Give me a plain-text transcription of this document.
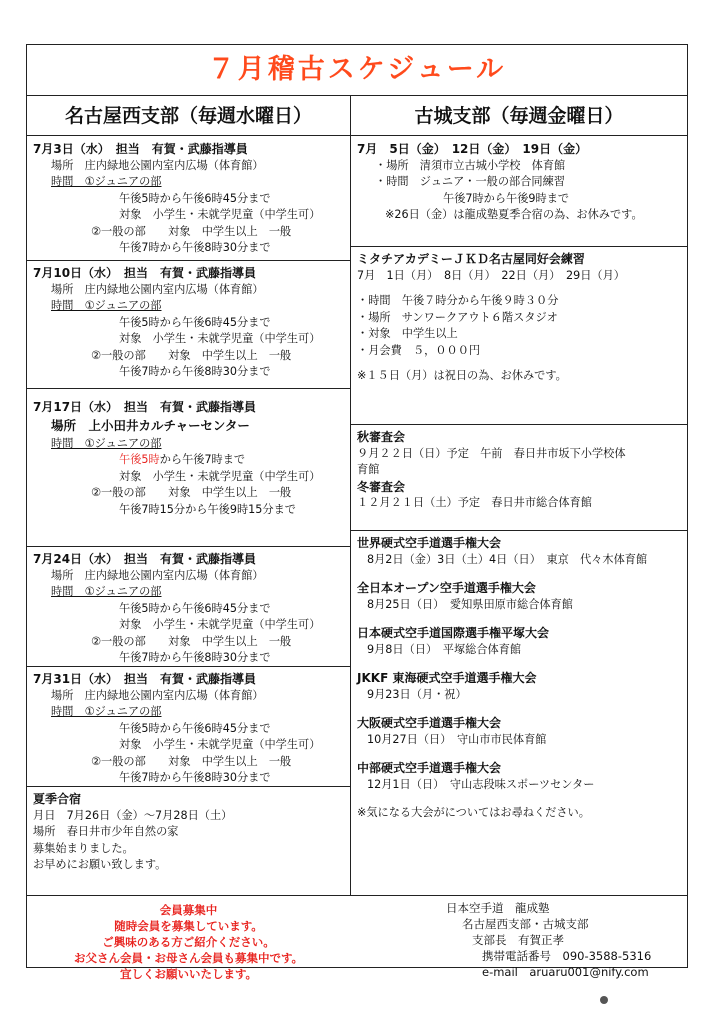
７月稽古スケジュール
名古屋西支部（毎週水曜日）	古城支部（毎週金曜日）
7月3日（水）　担当　有賀・武藤指導員
場所　庄内緑地公園内室内広場（体育館）
時間　①ジュニアの部
午後5時から午後6時45分まで
対象　小学生・未就学児童（中学生可）
②一般の部　　対象　中学生以上　一般
午後7時から午後8時30分まで
7月10日（水）　担当　有賀・武藤指導員
場所　庄内緑地公園内室内広場（体育館）
時間　①ジュニアの部
午後5時から午後6時45分まで
対象　小学生・未就学児童（中学生可）
②一般の部　　対象　中学生以上　一般
午後7時から午後8時30分まで
7月17日（水）　担当　有賀・武藤指導員
場所　上小田井カルチャーセンター
時間　①ジュニアの部
午後5時から午後7時まで
対象　小学生・未就学児童（中学生可）
②一般の部　　対象　中学生以上　一般
午後7時15分から午後9時15分まで
7月24日（水）　担当　有賀・武藤指導員
場所　庄内緑地公園内室内広場（体育館）
時間　①ジュニアの部
午後5時から午後6時45分まで
対象　小学生・未就学児童（中学生可）
②一般の部　　対象　中学生以上　一般
午後7時から午後8時30分まで
7月31日（水）　担当　有賀・武藤指導員
場所　庄内緑地公園内室内広場（体育館）
時間　①ジュニアの部
午後5時から午後6時45分まで
対象　小学生・未就学児童（中学生可）
②一般の部　　対象　中学生以上　一般
午後7時から午後8時30分まで
夏季合宿
月日　7月26日（金）〜7月28日（土）
場所　春日井市少年自然の家
募集始まりました。
お早めにお願い致します。
7月　5日（金）　12日（金）　19日（金）
・場所　清須市立古城小学校　体育館
・時間　ジュニア・一般の部合同練習
午後7時から午後9時まで
※26日（金）は龍成塾夏季合宿の為、お休みです。
ミタチアカデミーＪＫＤ名古屋同好会練習
7月　1日（月）　8日（月）　22日（月）　29日（月）
・時間　午後７時分から午後９時３０分
・場所　サンワークアウト６階スタジオ
・対象　中学生以上
・月会費　５，０００円
※１５日（月）は祝日の為、お休みです。
秋審査会
９月２２日（日）予定　午前　春日井市坂下小学校体
育館
冬審査会
１２月２１日（土）予定　春日井市総合体育館
世界硬式空手道選手権大会
8月2日（金）3日（土）4日（日）　東京　代々木体育館
全日本オープン空手道選手権大会
8月25日（日）　愛知県田原市総合体育館
日本硬式空手道国際選手権平塚大会
9月8日（日）　平塚総合体育館
JKKF 東海硬式空手道選手権大会
9月23日（月・祝）
大阪硬式空手道選手権大会
10月27日（日）　守山市市民体育館
中部硬式空手道選手権大会
12月1日（日）　守山志段味スポーツセンター
※気になる大会がについてはお尋ねください。
会員募集中
随時会員を募集しています。
ご興味のある方ご紹介ください。
お父さん会員・お母さん会員も募集中です。
宜しくお願いいたします。
日本空手道　龍成塾
名古屋西支部・古城支部
支部長　有賀正孝
携帯電話番号　090-3588-5316
e-mail　aruaru001@nify.com
